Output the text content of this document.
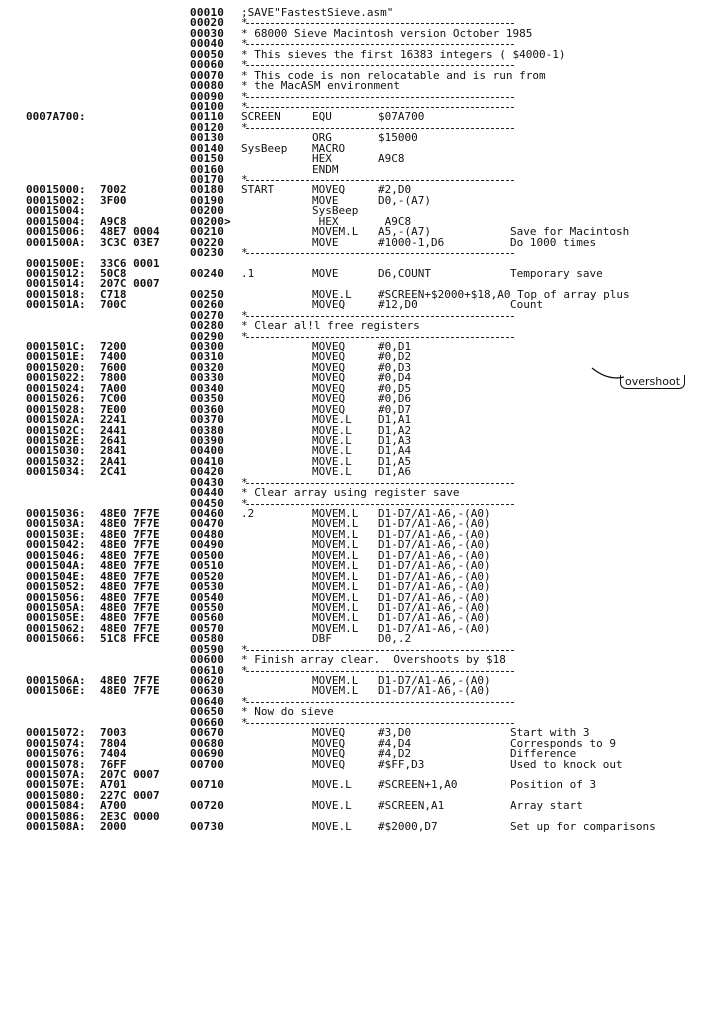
00010 ;SAVE"FastestSieve.asm"
00020 *
00030 * 68000 Sieve Macintosh version October 1985
00040 *
00050 * This sieves the first 16383 integers ( $4000-1)
00060 *
00070 * This code is non relocatable and is run from
00080 * the MacASM environment
00090 *
00100 *
0007A700:	00110 SCREEN	EQU	$07A700
00120 *
00130	ORG	$15000
00140 SysBeep MACRO
00150	HEX	A9C8
00160	ENDM
00170 *
00015000: 7002	00180 START	MOVEQ	#2,D0
00015002: 3F00	00190	MOVE	D0,-(A7)
00015004:	00200	SysBeep
00015004: A9C8	00200>	HEX	A9C8
00015006: 48E7 0004	00210	MOVEM.L A5,-(A7)	Save for Macintosh
0001500A: 3C3C 03E7	00220	MOVE	#1000-1,D6	Do 1000 times
00230 *
0001500E: 33C6 0001
00015012: 50C8	00240 .1	MOVE	D6,COUNT	Temporary save
00015014: 207C 0007
00015018: C718	00250	MOVE.L #SCREEN+$2000+$18,A0 Top of array plus
0001501A: 700C	00260	MOVEQ	#12,D0	Count
00270 *
00280 * Clear al!l free registers
00290 *
0001501C: 7200	00300	MOVEQ	#0,D1
0001501E: 7400	00310	MOVEQ	#0,D2
00015020: 7600	00320	MOVEQ	#0,D3
00015022: 7800	00330	MOVEQ	#0,D4
00015024: 7A00	00340	MOVEQ	#0,D5
00015026: 7C00	00350	MOVEQ	#0,D6
00015028: 7E00	00360	MOVEQ	#0,D7
0001502A: 2241	00370	MOVE.L D1,A1
0001502C: 2441	00380	MOVE.L D1,A2
0001502E: 2641	00390	MOVE.L D1,A3
00015030: 2841	00400	MOVE.L D1,A4
00015032: 2A41	00410	MOVE.L D1,A5
00015034: 2C41	00420	MOVE.L D1,A6
00430 *
00440 * Clear array using register save
00450 *
00015036: 48E0 7F7E	00460 .2	MOVEM.L D1-D7/A1-A6,-(A0)
0001503A: 48E0 7F7E	00470	MOVEM.L D1-D7/A1-A6,-(A0)
0001503E: 48E0 7F7E	00480	MOVEM.L D1-D7/A1-A6,-(A0)
00015042: 48E0 7F7E	00490	MOVEM.L D1-D7/A1-A6,-(A0)
00015046: 48E0 7F7E	00500	MOVEM.L D1-D7/A1-A6,-(A0)
0001504A: 48E0 7F7E	00510	MOVEM.L D1-D7/A1-A6,-(A0)
0001504E: 48E0 7F7E	00520	MOVEM.L D1-D7/A1-A6,-(A0)
00015052: 48E0 7F7E	00530	MOVEM.L D1-D7/A1-A6,-(A0)
00015056: 48E0 7F7E	00540	MOVEM.L D1-D7/A1-A6,-(A0)
0001505A: 48E0 7F7E	00550	MOVEM.L D1-D7/A1-A6,-(A0)
0001505E: 48E0 7F7E	00560	MOVEM.L D1-D7/A1-A6,-(A0)
00015062: 48E0 7F7E	00570	MOVEM.L D1-D7/A1-A6,-(A0)
00015066: 51C8 FFCE	00580	DBF	D0,.2
00590 *
00600 * Finish array clear.  Overshoots by $18
00610 *
0001506A: 48E0 7F7E	00620	MOVEM.L D1-D7/A1-A6,-(A0)
0001506E: 48E0 7F7E	00630	MOVEM.L D1-D7/A1-A6,-(A0)
00640 *
00650 * Now do sieve
00660 *
00015072: 7003	00670	MOVEQ	#3,D0	Start with 3
00015074: 7804	00680	MOVEQ	#4,D4	Corresponds to 9
00015076: 7404	00690	MOVEQ	#4,D2	Difference
00015078: 76FF	00700	MOVEQ	#$FF,D3	Used to knock out
0001507A: 207C 0007
0001507E: A701	00710	MOVE.L #SCREEN+1,A0	Position of 3
00015080: 227C 0007
00015084: A700	00720	MOVE.L #SCREEN,A1	Array start
00015086: 2E3C 0000
0001508A: 2000	00730	MOVE.L #$2000,D7	Set up for comparisons
overshoot
